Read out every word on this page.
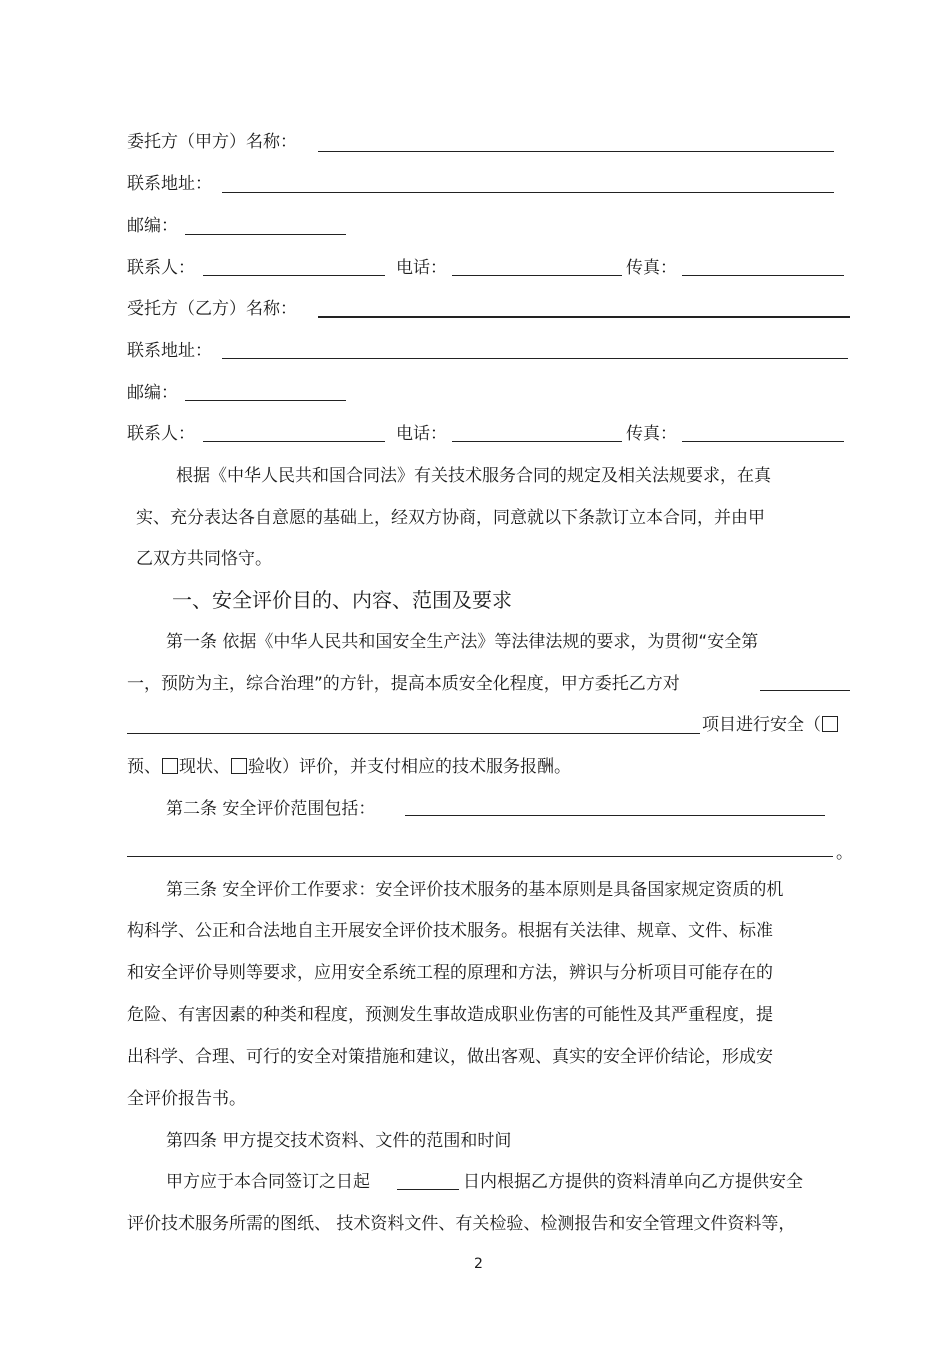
委托方（甲方）名称：
联系地址：
邮编：
联系人：	电话：	传真：
受托方（乙方）名称：
联系地址：
邮编：
联系人：	电话：	传真：
根据《中华人民共和国合同法》有关技术服务合同的规定及相关法规要求，在真
实、充分表达各自意愿的基础上，经双方协商，同意就以下条款订立本合同，并由甲
乙双方共同恪守。
一、安全评价目的、内容、范围及要求
第一条 依据《中华人民共和国安全生产法》等法律法规的要求，为贯彻“安全第
一，预防为主，综合治理”的方针，提高本质安全化程度，甲方委托乙方对
项目进行安全（
预、 现状、 验收）评价，并支付相应的技术服务报酬。
第二条 安全评价范围包括：
。
第三条 安全评价工作要求：安全评价技术服务的基本原则是具备国家规定资质的机
构科学、公正和合法地自主开展安全评价技术服务。根据有关法律、规章、文件、标准
和安全评价导则等要求，应用安全系统工程的原理和方法，辨识与分析项目可能存在的
危险、有害因素的种类和程度，预测发生事故造成职业伤害的可能性及其严重程度，提
出科学、合理、可行的安全对策措施和建议，做出客观、真实的安全评价结论，形成安
全评价报告书。
第四条 甲方提交技术资料、文件的范围和时间
甲方应于本合同签订之日起	日内根据乙方提供的资料清单向乙方提供安全
评价技术服务所需的图纸、 技术资料文件、有关检验、检测报告和安全管理文件资料等，
2
